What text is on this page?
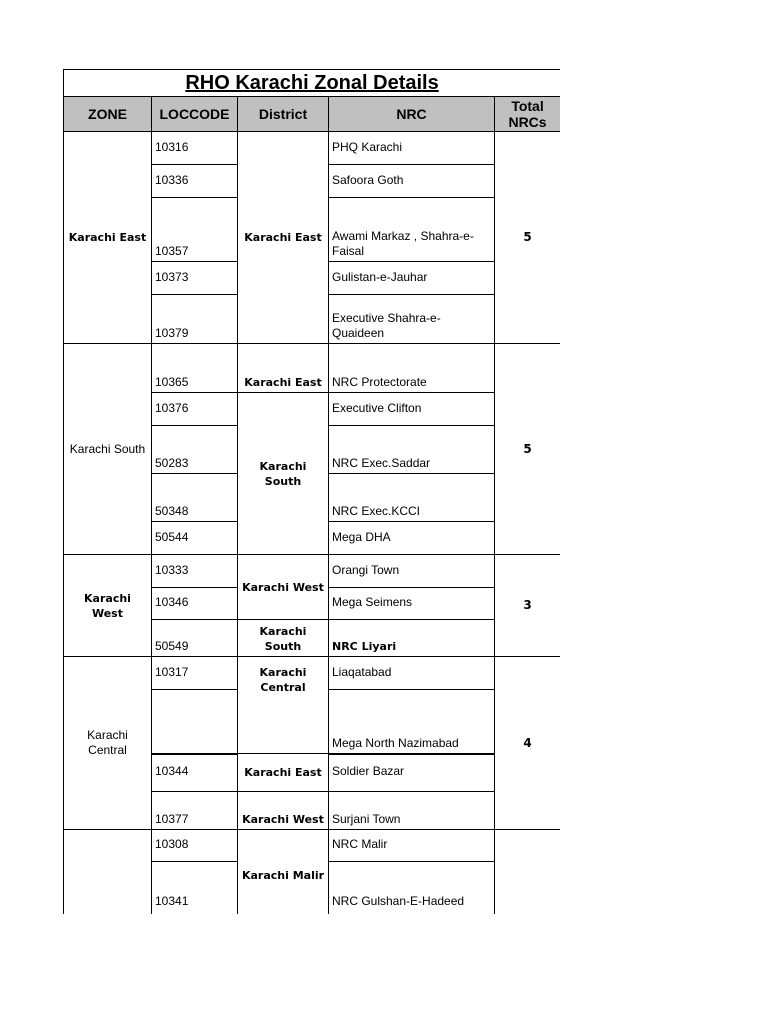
RHO Karachi Zonal Details				
ZONE	LOCCODE	District	NRC	Total
NRCs
Karachi East	10316	Karachi East	PHQ Karachi	5
	10336		Safoora Goth	
	10357		Awami Markaz , Shahra-e-Faisal	
	10373		Gulistan-e-Jauhar	
	10379		Executive Shahra-e-Quaideen	
Karachi South	10365	Karachi East	NRC Protectorate	5
	10376	Karachi South	Executive Clifton	
	50283		NRC Exec.Saddar	
	50348		NRC Exec.KCCI	
	50544		Mega DHA	
Karachi West	10333	Karachi West	Orangi Town	3
	10346		Mega Seimens	
	50549	Karachi South	NRC Liyari	
Karachi Central	10317	Karachi Central	Liaqatabad	4
			Mega North Nazimabad	
	10344	Karachi East	Soldier Bazar	
	10377	Karachi West	Surjani Town	
	10308	Karachi Malir	NRC Malir	
	10341		NRC Gulshan-E-Hadeed	
